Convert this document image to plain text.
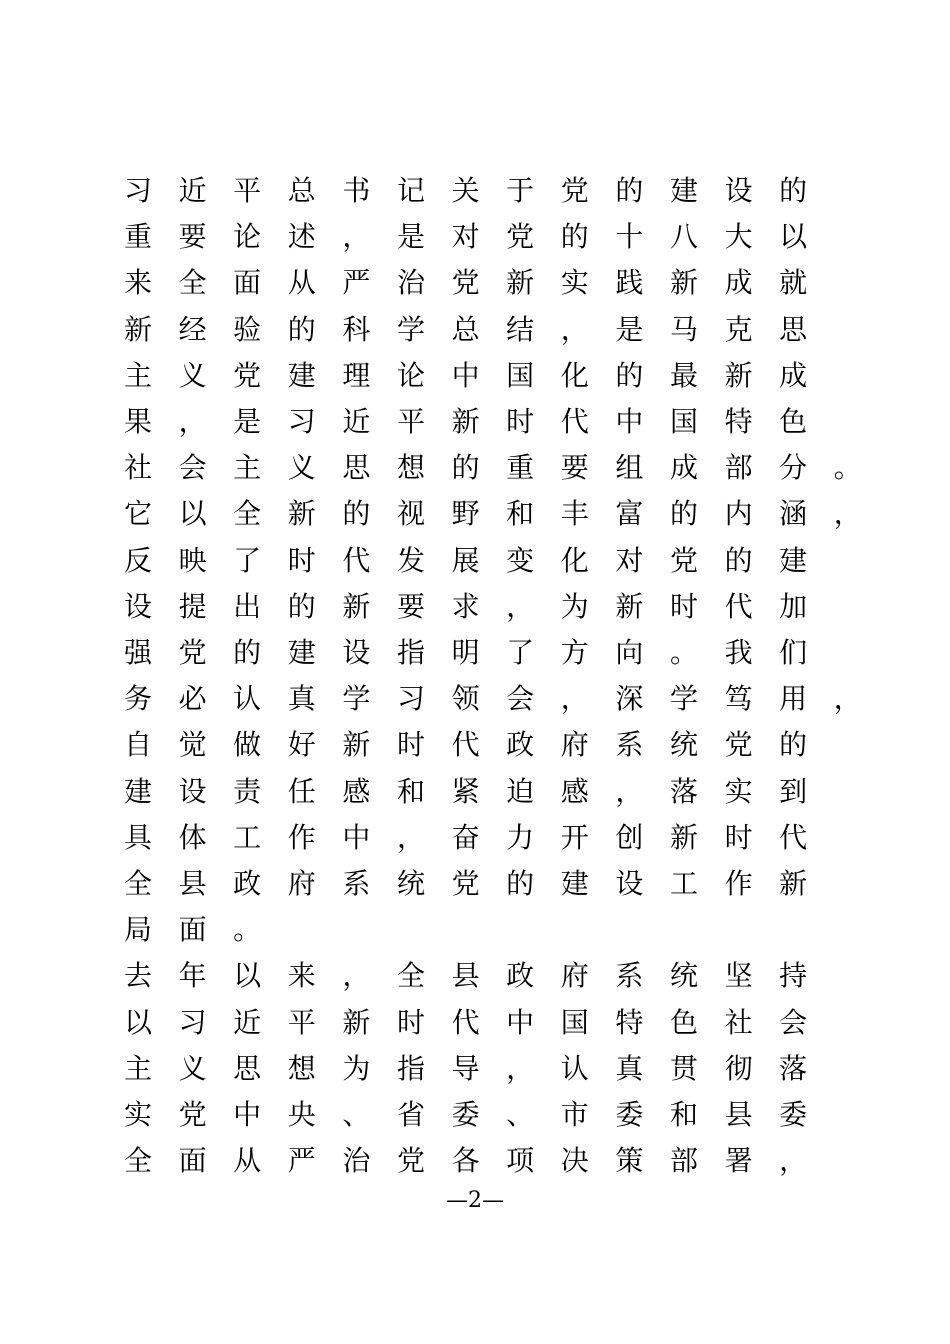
习 近 平 总 书 记 关 于 党 的 建 设 的
重 要 论 述 ， 是 对 党 的 十 八 大 以
来 全 面 从 严 治 党 新 实 践 新 成 就
新 经 验 的 科 学 总 结 ， 是 马 克 思
主 义 党 建 理 论 中 国 化 的 最 新 成
果 ， 是 习 近 平 新 时 代 中 国 特 色
社 会 主 义 思 想 的 重 要 组 成 部 分 。
它 以 全 新 的 视 野 和 丰 富 的 内 涵 ，
反 映 了 时 代 发 展 变 化 对 党 的 建
设 提 出 的 新 要 求 ， 为 新 时 代 加
强 党 的 建 设 指 明 了 方 向 。 我 们
务 必 认 真 学 习 领 会 ， 深 学 笃 用 ，
自 觉 做 好 新 时 代 政 府 系 统 党 的
建 设 责 任 感 和 紧 迫 感 ， 落 实 到
具 体 工 作 中 ， 奋 力 开 创 新 时 代
全 县 政 府 系 统 党 的 建 设 工 作 新
局 面 。
去 年 以 来 ， 全 县 政 府 系 统 坚 持
以 习 近 平 新 时 代 中 国 特 色 社 会
主 义 思 想 为 指 导 ， 认 真 贯 彻 落
实 党 中 央 、 省 委 、 市 委 和 县 委
全 面 从 严 治 党 各 项 决 策 部 署 ，
—2—
